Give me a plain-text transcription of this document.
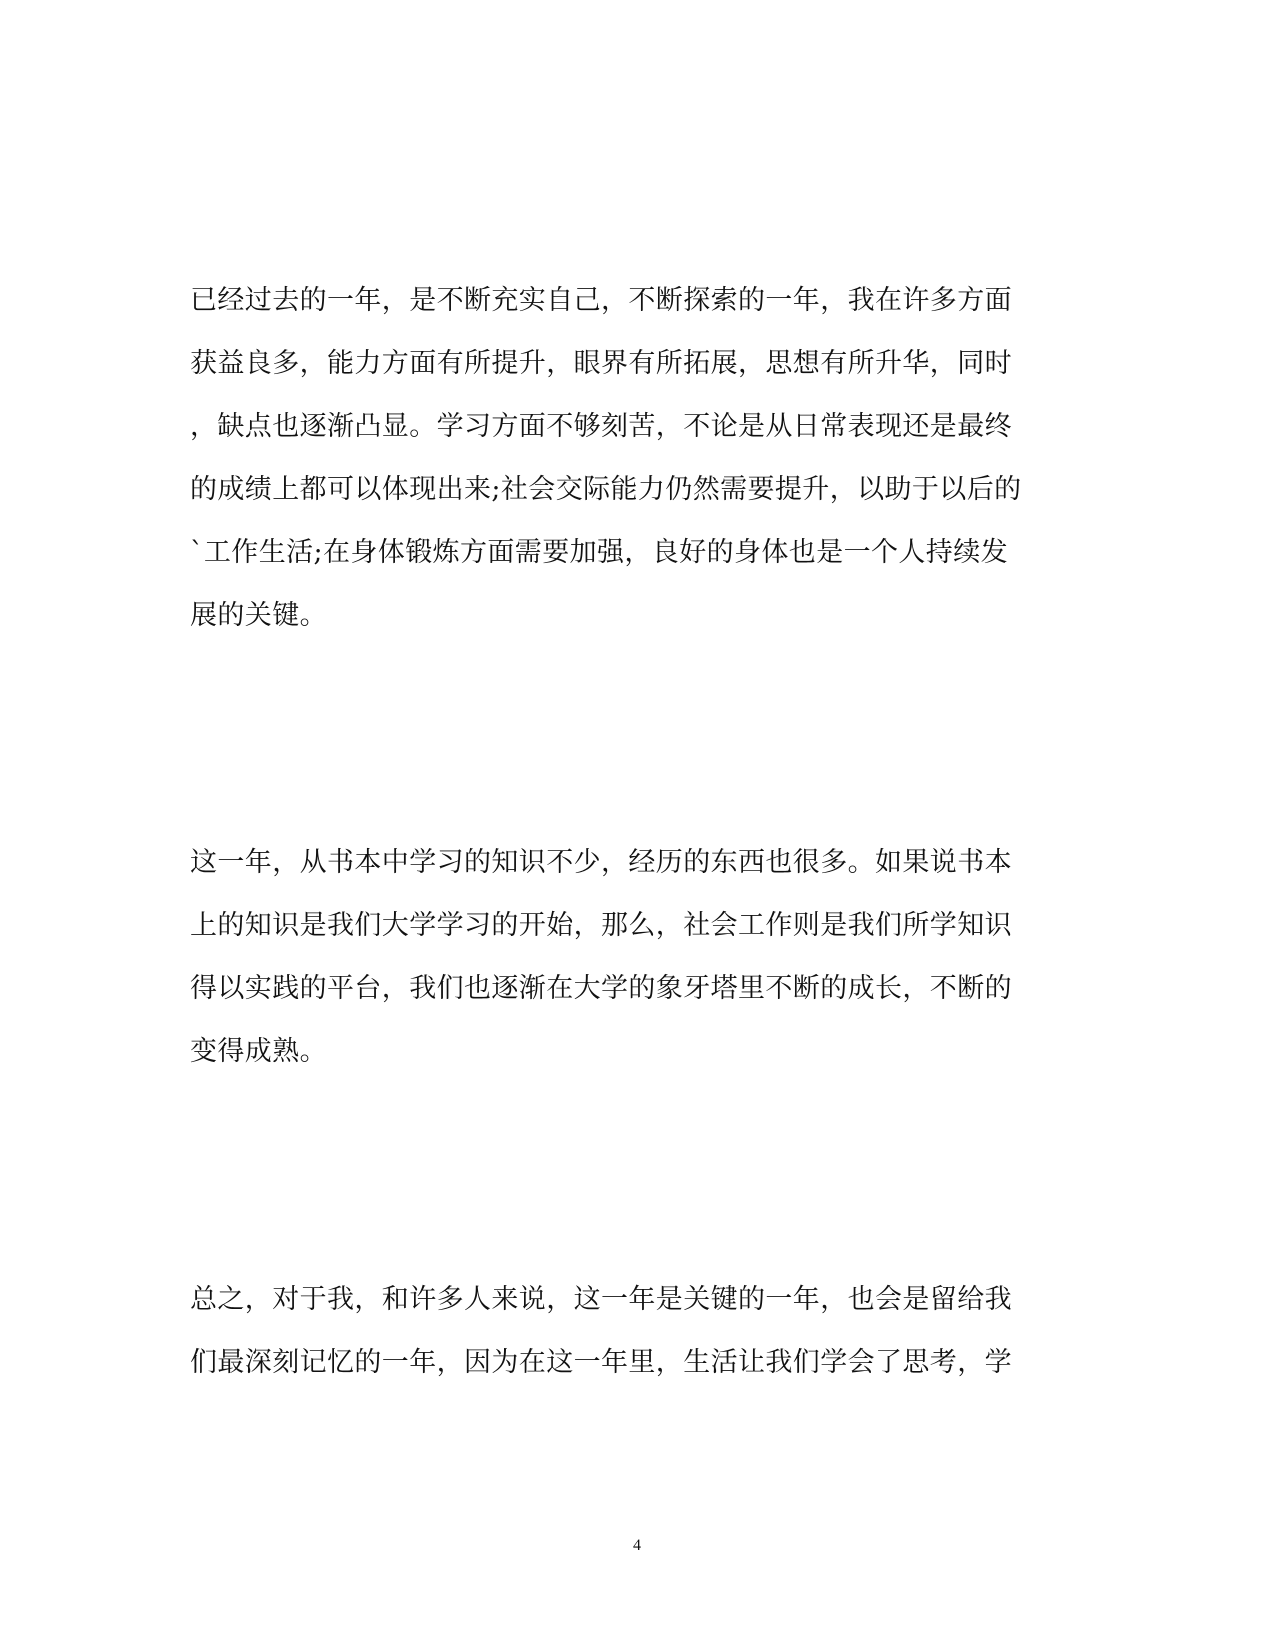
已经过去的一年，是不断充实自己，不断探索的一年，我在许多方面
获益良多，能力方面有所提升，眼界有所拓展，思想有所升华，同时
，缺点也逐渐凸显。学习方面不够刻苦，不论是从日常表现还是最终
的成绩上都可以体现出来;社会交际能力仍然需要提升，以助于以后的
`工作生活;在身体锻炼方面需要加强，良好的身体也是一个人持续发
展的关键。
这一年，从书本中学习的知识不少，经历的东西也很多。如果说书本
上的知识是我们大学学习的开始，那么，社会工作则是我们所学知识
得以实践的平台，我们也逐渐在大学的象牙塔里不断的成长，不断的
变得成熟。
总之，对于我，和许多人来说，这一年是关键的一年，也会是留给我
们最深刻记忆的一年，因为在这一年里，生活让我们学会了思考，学
4
